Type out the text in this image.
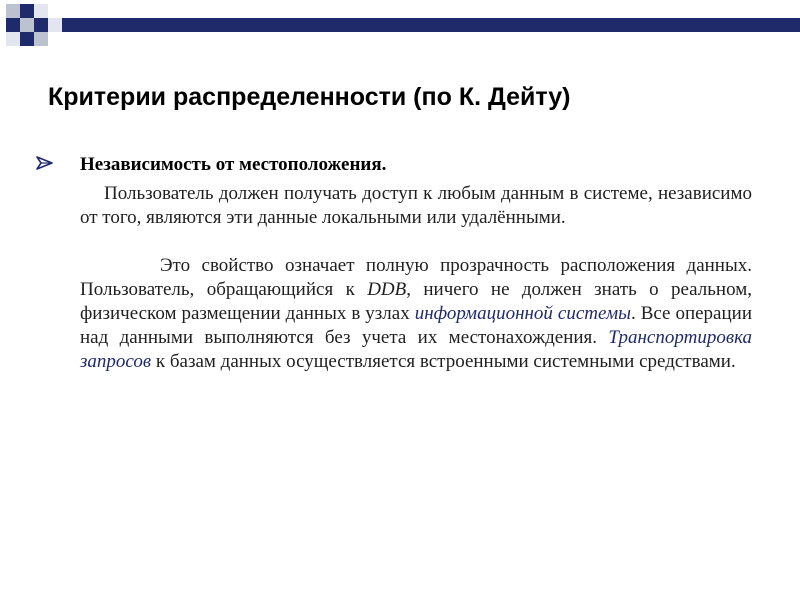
Критерии распределенности (по К. Дейту)
Независимость от местоположения.
Пользователь должен получать доступ к любым данным в системе, независимо от того, являются эти данные локальными или удалёнными.
Это свойство означает полную прозрачность расположения данных. Пользователь, обращающийся к DDB, ничего не должен знать о реальном, физическом размещении данных в узлах информационной системы. Все операции над данными выполняются без учета их местонахождения. Транспортировка запросов к базам данных осуществляется встроенными системными средствами.
